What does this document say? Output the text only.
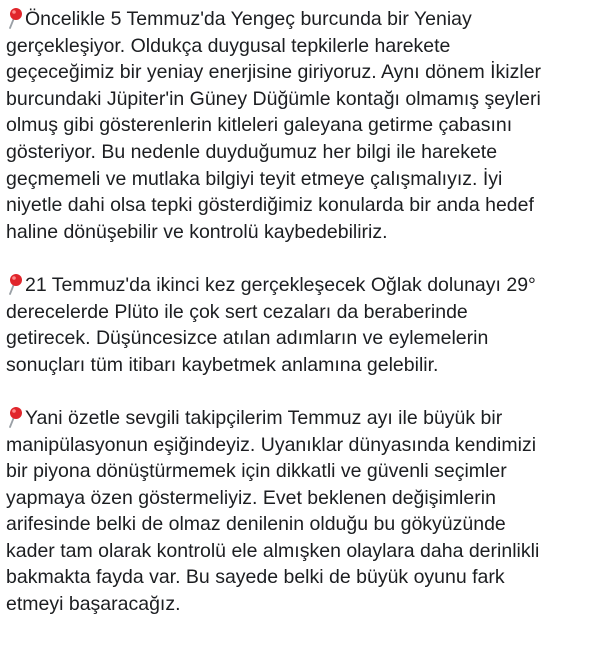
Öncelikle 5 Temmuz'da Yengeç burcunda bir Yeniay
gerçekleşiyor. Oldukça duygusal tepkilerle harekete
geçeceğimiz bir yeniay enerjisine giriyoruz. Aynı dönem İkizler
burcundaki Jüpiter'in Güney Düğümle kontağı olmamış şeyleri
olmuş gibi gösterenlerin kitleleri galeyana getirme çabasını
gösteriyor. Bu nedenle duyduğumuz her bilgi ile harekete
geçmemeli ve mutlaka bilgiyi teyit etmeye çalışmalıyız. İyi
niyetle dahi olsa tepki gösterdiğimiz konularda bir anda hedef
haline dönüşebilir ve kontrolü kaybedebiliriz.

21 Temmuz'da ikinci kez gerçekleşecek Oğlak dolunayı 29°
derecelerde Plüto ile çok sert cezaları da beraberinde
getirecek. Düşüncesizce atılan adımların ve eylemelerin
sonuçları tüm itibarı kaybetmek anlamına gelebilir.

Yani özetle sevgili takipçilerim Temmuz ayı ile büyük bir
manipülasyonun eşiğindeyiz. Uyanıklar dünyasında kendimizi
bir piyona dönüştürmemek için dikkatli ve güvenli seçimler
yapmaya özen göstermeliyiz. Evet beklenen değişimlerin
arifesinde belki de olmaz denilenin olduğu bu gökyüzünde
kader tam olarak kontrolü ele almışken olaylara daha derinlikli
bakmakta fayda var. Bu sayede belki de büyük oyunu fark
etmeyi başaracağız.
